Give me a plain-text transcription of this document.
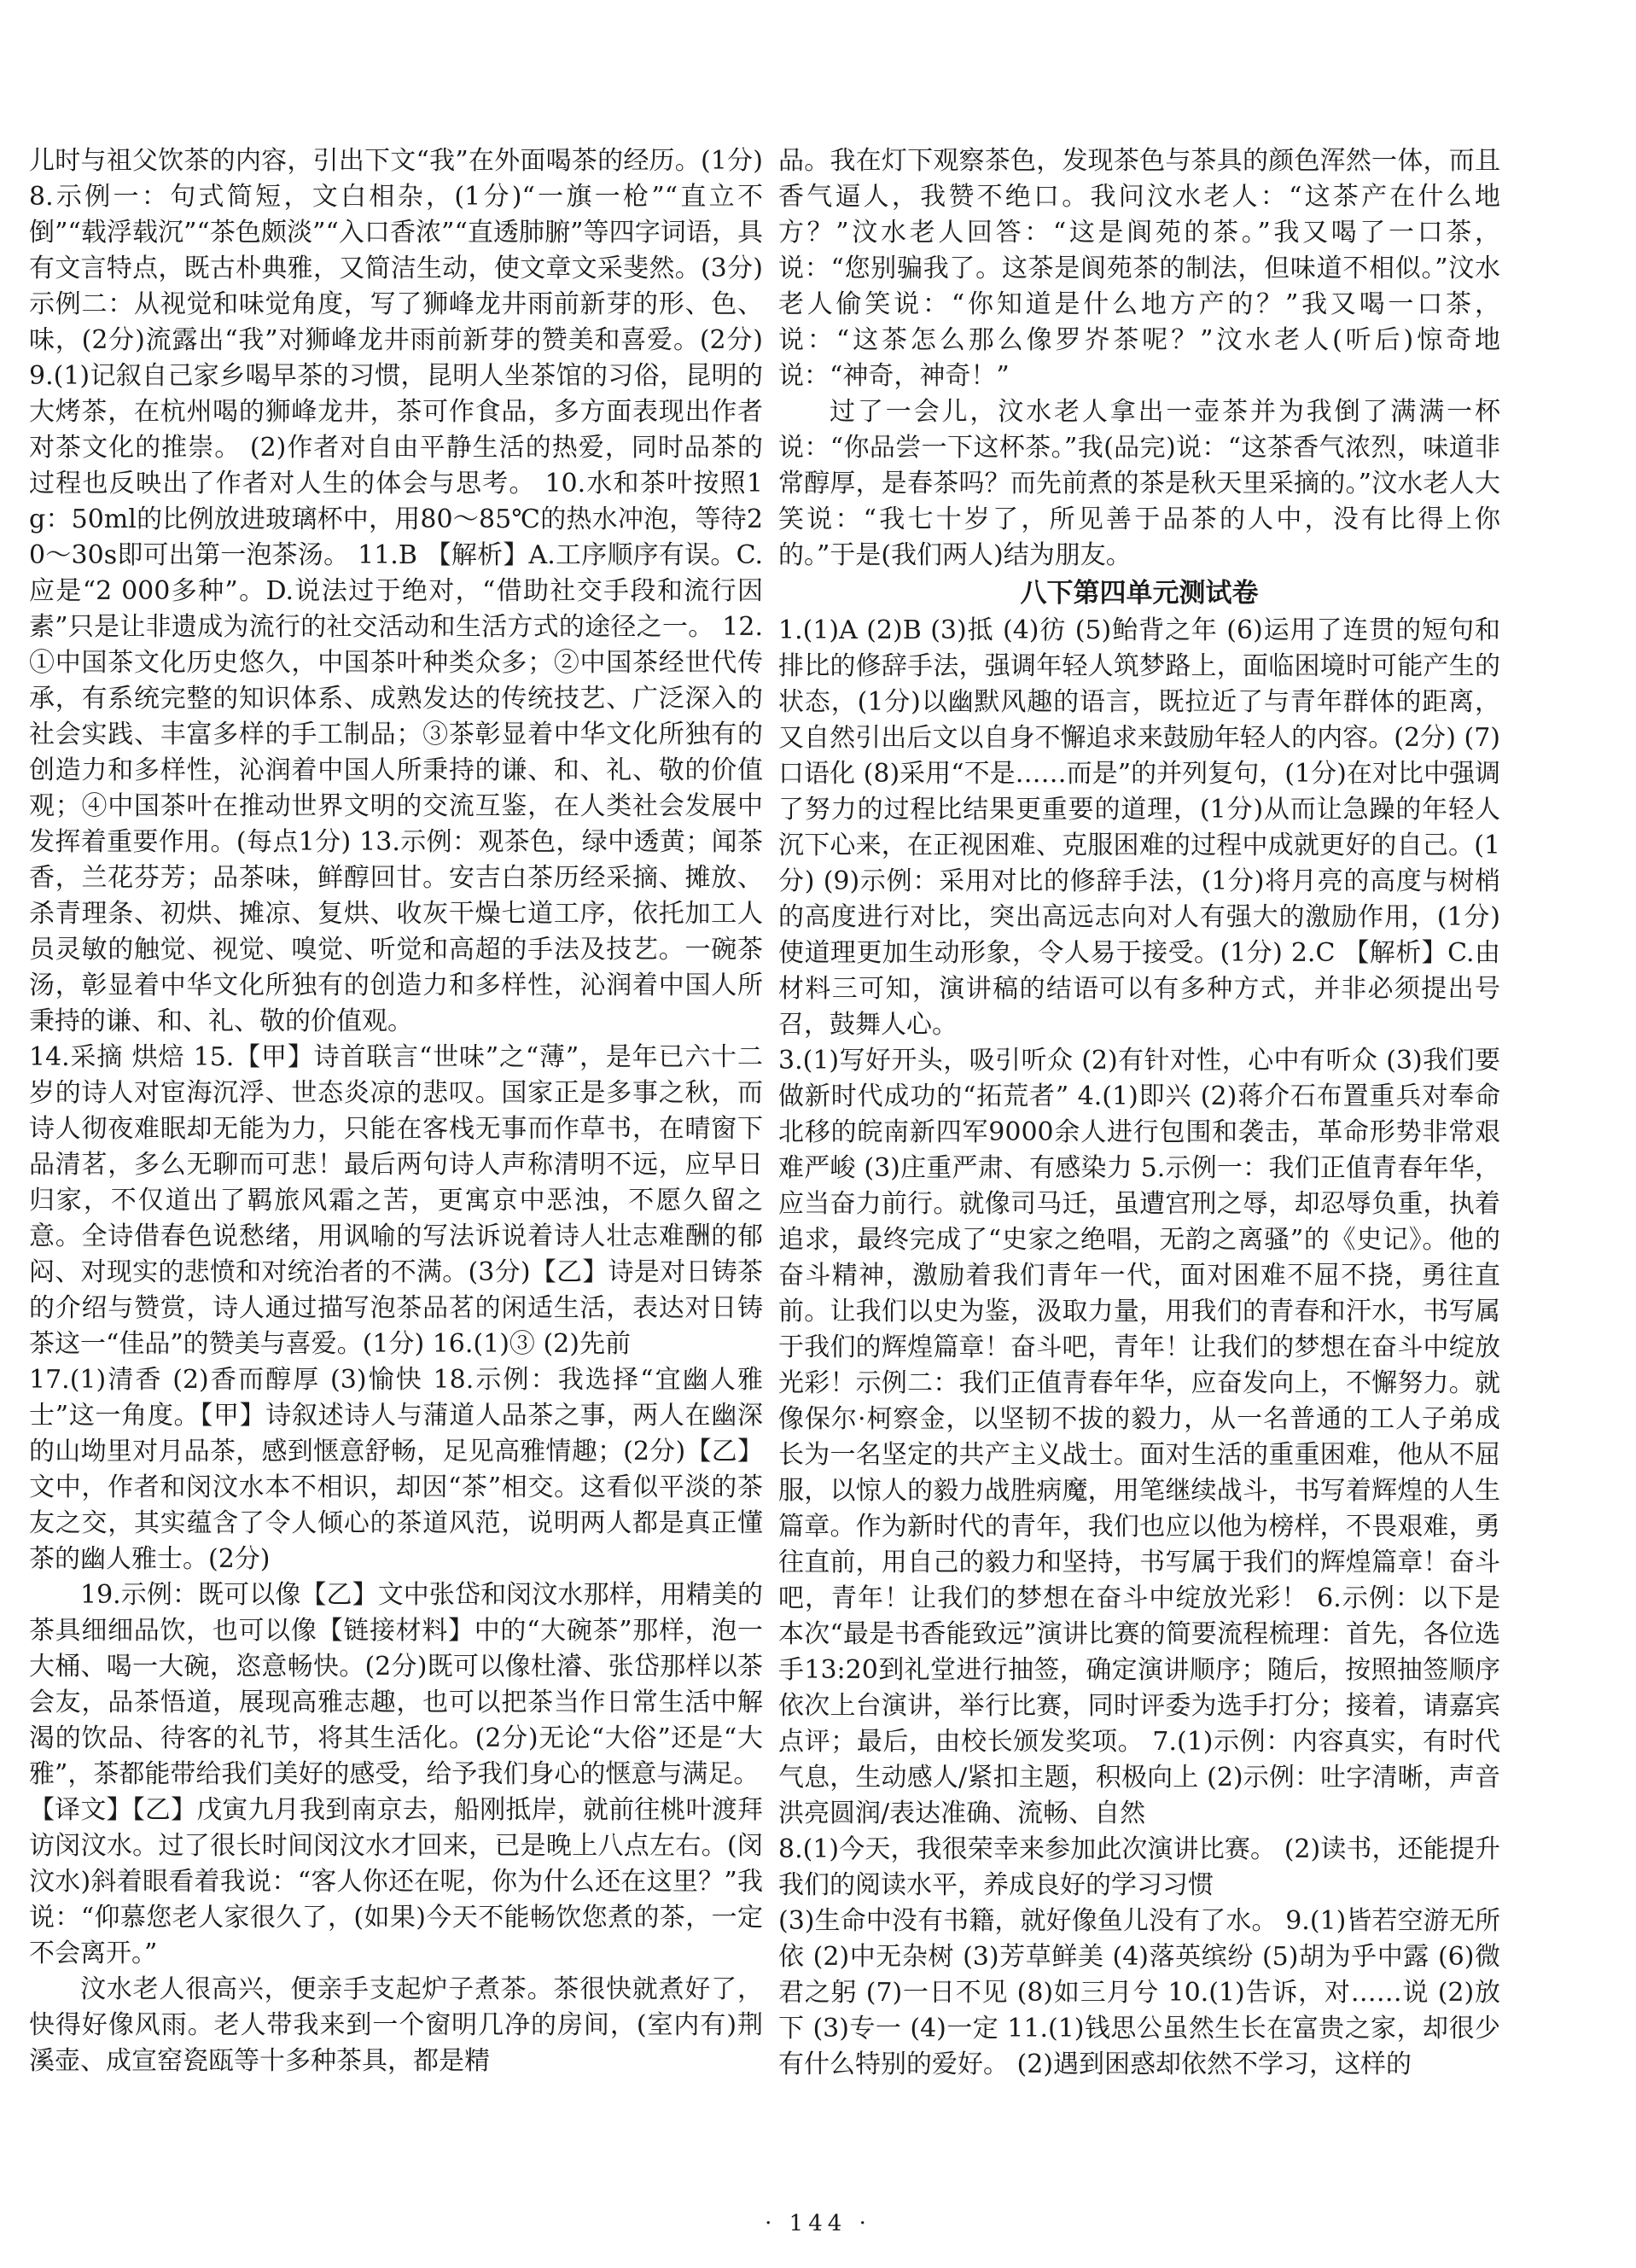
儿时与祖父饮茶的内容，引出下文“我”在外面喝茶的经历。(1分) 8.示例一：句式简短，文白相杂，(1分)“一旗一枪”“直立不倒”“载浮载沉”“茶色颇淡”“入口香浓”“直透肺腑”等四字词语，具有文言特点，既古朴典雅，又简洁生动，使文章文采斐然。(3分)示例二：从视觉和味觉角度，写了狮峰龙井雨前新芽的形、色、味，(2分)流露出“我”对狮峰龙井雨前新芽的赞美和喜爱。(2分) 9.(1)记叙自己家乡喝早茶的习惯，昆明人坐茶馆的习俗，昆明的大烤茶，在杭州喝的狮峰龙井，茶可作食品，多方面表现出作者对茶文化的推崇。 (2)作者对自由平静生活的热爱，同时品茶的过程也反映出了作者对人生的体会与思考。 10.水和茶叶按照1g：50ml的比例放进玻璃杯中，用80～85℃的热水冲泡，等待20～30s即可出第一泡茶汤。 11.B 【解析】A.工序顺序有误。C.应是“2 000多种”。D.说法过于绝对，“借助社交手段和流行因素”只是让非遗成为流行的社交活动和生活方式的途径之一。 12.①中国茶文化历史悠久，中国茶叶种类众多；②中国茶经世代传承，有系统完整的知识体系、成熟发达的传统技艺、广泛深入的社会实践、丰富多样的手工制品；③茶彰显着中华文化所独有的创造力和多样性，沁润着中国人所秉持的谦、和、礼、敬的价值观；④中国茶叶在推动世界文明的交流互鉴，在人类社会发展中发挥着重要作用。(每点1分) 13.示例：观茶色，绿中透黄；闻茶香，兰花芬芳；品茶味，鲜醇回甘。安吉白茶历经采摘、摊放、杀青理条、初烘、摊凉、复烘、收灰干燥七道工序，依托加工人员灵敏的触觉、视觉、嗅觉、听觉和高超的手法及技艺。一碗茶汤，彰显着中华文化所独有的创造力和多样性，沁润着中国人所秉持的谦、和、礼、敬的价值观。

14.采摘 烘焙 15.【甲】诗首联言“世味”之“薄”，是年已六十二岁的诗人对宦海沉浮、世态炎凉的悲叹。国家正是多事之秋，而诗人彻夜难眠却无能为力，只能在客栈无事而作草书，在晴窗下品清茗，多么无聊而可悲！最后两句诗人声称清明不远，应早日归家，不仅道出了羁旅风霜之苦，更寓京中恶浊，不愿久留之意。全诗借春色说愁绪，用讽喻的写法诉说着诗人壮志难酬的郁闷、对现实的悲愤和对统治者的不满。(3分)【乙】诗是对日铸茶的介绍与赞赏，诗人通过描写泡茶品茗的闲适生活，表达对日铸茶这一“佳品”的赞美与喜爱。(1分) 16.(1)③ (2)先前

17.(1)清香 (2)香而醇厚 (3)愉快 18.示例：我选择“宜幽人雅士”这一角度。【甲】诗叙述诗人与蒲道人品茶之事，两人在幽深的山坳里对月品茶，感到惬意舒畅，足见高雅情趣；(2分)【乙】文中，作者和闵汶水本不相识，却因“茶”相交。这看似平淡的茶友之交，其实蕴含了令人倾心的茶道风范，说明两人都是真正懂茶的幽人雅士。(2分)

19.示例：既可以像【乙】文中张岱和闵汶水那样，用精美的茶具细细品饮，也可以像【链接材料】中的“大碗茶”那样，泡一大桶、喝一大碗，恣意畅快。(2分)既可以像杜濬、张岱那样以茶会友，品茶悟道，展现高雅志趣，也可以把茶当作日常生活中解渴的饮品、待客的礼节，将其生活化。(2分)无论“大俗”还是“大雅”，茶都能带给我们美好的感受，给予我们身心的惬意与满足。

【译文】【乙】戊寅九月我到南京去，船刚抵岸，就前往桃叶渡拜访闵汶水。过了很长时间闵汶水才回来，已是晚上八点左右。(闵汶水)斜着眼看着我说：“客人你还在呢，你为什么还在这里？”我说：“仰慕您老人家很久了，(如果)今天不能畅饮您煮的茶，一定不会离开。”

汶水老人很高兴，便亲手支起炉子煮茶。茶很快就煮好了，快得好像风雨。老人带我来到一个窗明几净的房间，(室内有)荆溪壶、成宣窑瓷瓯等十多种茶具，都是精

品。我在灯下观察茶色，发现茶色与茶具的颜色浑然一体，而且香气逼人，我赞不绝口。我问汶水老人：“这茶产在什么地方？”汶水老人回答：“这是阆苑的茶。”我又喝了一口茶，说：“您别骗我了。这茶是阆苑茶的制法，但味道不相似。”汶水老人偷笑说：“你知道是什么地方产的？”我又喝一口茶，说：“这茶怎么那么像罗岕茶呢？”汶水老人(听后)惊奇地说：“神奇，神奇！”

过了一会儿，汶水老人拿出一壶茶并为我倒了满满一杯说：“你品尝一下这杯茶。”我(品完)说：“这茶香气浓烈，味道非常醇厚，是春茶吗？而先前煮的茶是秋天里采摘的。”汶水老人大笑说：“我七十岁了，所见善于品茶的人中，没有比得上你的。”于是(我们两人)结为朋友。

八下第四单元测试卷

1.(1)A (2)B (3)抵 (4)彷 (5)鲐背之年 (6)运用了连贯的短句和排比的修辞手法，强调年轻人筑梦路上，面临困境时可能产生的状态，(1分)以幽默风趣的语言，既拉近了与青年群体的距离，又自然引出后文以自身不懈追求来鼓励年轻人的内容。(2分) (7)口语化 (8)采用“不是……而是”的并列复句，(1分)在对比中强调了努力的过程比结果更重要的道理，(1分)从而让急躁的年轻人沉下心来，在正视困难、克服困难的过程中成就更好的自己。(1分) (9)示例：采用对比的修辞手法，(1分)将月亮的高度与树梢的高度进行对比，突出高远志向对人有强大的激励作用，(1分)使道理更加生动形象，令人易于接受。(1分) 2.C 【解析】C.由材料三可知，演讲稿的结语可以有多种方式，并非必须提出号召，鼓舞人心。

3.(1)写好开头，吸引听众 (2)有针对性，心中有听众 (3)我们要做新时代成功的“拓荒者” 4.(1)即兴 (2)蒋介石布置重兵对奉命北移的皖南新四军9000余人进行包围和袭击，革命形势非常艰难严峻 (3)庄重严肃、有感染力 5.示例一：我们正值青春年华，应当奋力前行。就像司马迁，虽遭宫刑之辱，却忍辱负重，执着追求，最终完成了“史家之绝唱，无韵之离骚”的《史记》。他的奋斗精神，激励着我们青年一代，面对困难不屈不挠，勇往直前。让我们以史为鉴，汲取力量，用我们的青春和汗水，书写属于我们的辉煌篇章！奋斗吧，青年！让我们的梦想在奋斗中绽放光彩！示例二：我们正值青春年华，应奋发向上，不懈努力。就像保尔·柯察金，以坚韧不拔的毅力，从一名普通的工人子弟成长为一名坚定的共产主义战士。面对生活的重重困难，他从不屈服，以惊人的毅力战胜病魔，用笔继续战斗，书写着辉煌的人生篇章。作为新时代的青年，我们也应以他为榜样，不畏艰难，勇往直前，用自己的毅力和坚持，书写属于我们的辉煌篇章！奋斗吧，青年！让我们的梦想在奋斗中绽放光彩！ 6.示例：以下是本次“最是书香能致远”演讲比赛的简要流程梳理：首先，各位选手13:20到礼堂进行抽签，确定演讲顺序；随后，按照抽签顺序依次上台演讲，举行比赛，同时评委为选手打分；接着，请嘉宾点评；最后，由校长颁发奖项。 7.(1)示例：内容真实，有时代气息，生动感人/紧扣主题，积极向上 (2)示例：吐字清晰，声音洪亮圆润/表达准确、流畅、自然

8.(1)今天，我很荣幸来参加此次演讲比赛。 (2)读书，还能提升我们的阅读水平，养成良好的学习习惯

(3)生命中没有书籍，就好像鱼儿没有了水。 9.(1)皆若空游无所依 (2)中无杂树 (3)芳草鲜美 (4)落英缤纷 (5)胡为乎中露 (6)微君之躬 (7)一日不见 (8)如三月兮 10.(1)告诉，对……说 (2)放下 (3)专一 (4)一定 11.(1)钱思公虽然生长在富贵之家，却很少有什么特别的爱好。 (2)遇到困惑却依然不学习，这样的

· 144 ·
